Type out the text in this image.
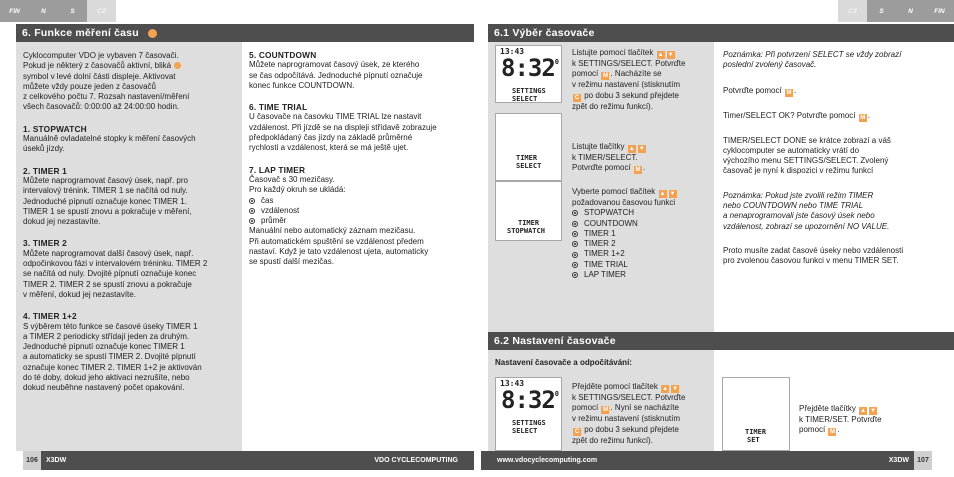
FIN	N	S	CZ	CZ	S	N	FIN
6. Funkce měření času

Cyklocomputer VDO je vybaven 7 časovači.

Pokud je některý z časovačů aktivní, bliká

symbol v levé dolní části displeje. Aktivovat

můžete vždy pouze jeden z časovačů

z celkového počtu 7. Rozsah nastavení/měření

všech časovačů: 0:00:00 až 24:00:00 hodin.

1. STOPWATCH

Manuálně ovladatelné stopky k měření časových

úseků jízdy.

2. TIMER 1

Můžete naprogramovat časový úsek, např. pro

intervalový trénink. TIMER 1 se načítá od nuly.

Jednoduché pípnutí označuje konec TIMER 1.

TIMER 1 se spustí znovu a pokračuje v měření,

dokud jej nezastavíte.

3. TIMER 2

Můžete naprogramovat další časový úsek, např.

odpočinkovou fázi v intervalovém tréninku. TIMER 2

se načítá od nuly. Dvojité pípnutí označuje konec

TIMER 2. TIMER 2 se spustí znovu a pokračuje

v měření, dokud jej nezastavíte.

4. TIMER 1+2

S výběrem této funkce se časové úseky TIMER 1

a TIMER 2 periodicky střídají jeden za druhým.

Jednoduché pípnutí označuje konec TIMER 1

a automaticky se spustí TIMER 2. Dvojité pípnutí

označuje konec TIMER 2. TIMER 1+2 je aktivován

do té doby, dokud jeho aktivaci nezrušíte, nebo

dokud neuběhne nastavený počet opakování.

5. COUNTDOWN

Můžete naprogramovat časový úsek, ze kterého

se čas odpočítává. Jednoduché pípnutí označuje

konec funkce COUNTDOWN.

6. TIME TRIAL

U časovače na časovku TIME TRIAL lze nastavit

vzdálenost. Při jízdě se na displeji střídavě zobrazuje

předpokládaný čas jízdy na základě průměrné

rychlosti a vzdálenost, která se má ještě ujet.

7. LAP TIMER

Časovač s 30 mezičasy.

Pro každý okruh se ukládá:

čas
vzdálenost
průměr

Manuální nebo automatický záznam mezičasu.

Při automatickém spuštění se vzdálenost předem

nastaví. Když je tato vzdálenost ujeta, automaticky

se spustí další mezičas.

6.1 Výběr časovače
13:43
8:32 0
SETTINGS
SELECT

Listujte pomocí tlačítek ▲ ▼

k SETTINGS/SELECT. Potvrďte

pomocí M . Nacházíte se

v režimu nastavení (stisknutím

C po dobu 3 sekund přejdete

zpět do režimu funkcí).

TIMER
SELECT

Listujte tlačítky ▲ ▼

k TIMER/SELECT.

Potvrďte pomocí M .

TIMER
STOPWATCH

Vyberte pomocí tlačítek ▲ ▼

požadovanou časovou funkci

STOPWATCH
COUNTDOWN
TIMER 1
TIMER 2
TIMER 1+2
TIME TRIAL
LAP TIMER

Poznámka: Při potvrzení SELECT se vždy zobrazí

poslední zvolený časovač.

Potvrďte pomocí M .

Timer/SELECT OK? Potvrďte pomocí M .

TIMER/SELECT DONE se krátce zobrazí a váš

cyklocomputer se automaticky vrátí do

výchozího menu SETTINGS/SELECT. Zvolený

časovač je nyní k dispozici v režimu funkcí

Poznámka: Pokud jste zvolili režim TIMER

nebo COUNTDOWN nebo TIME TRIAL

a nenaprogramovali jste časový úsek nebo

vzdálenost, zobrazí se upozornění NO VALUE.

Proto musíte zadat časové úseky nebo vzdálenosti

pro zvolenou časovou funkci v menu TIMER SET.

6.2 Nastavení časovače

Nastavení časovače a odpočítávání:

13:43
8:32 0
SETTINGS
SELECT

Přejděte pomocí tlačítek ▲ ▼

k SETTINGS/SELECT. Potvrďte

pomocí M . Nyní se nacházíte

v režimu nastavení (stisknutím

C po dobu 3 sekund přejdete

zpět do režimu funkcí).

TIMER
SET

Přejděte tlačítky ▲ ▼

k TIMER/SET. Potvrďte

pomocí M .

106	X3DW	VDO CYCLECOMPUTING	www.vdocyclecomputing.com	X3DW	107
